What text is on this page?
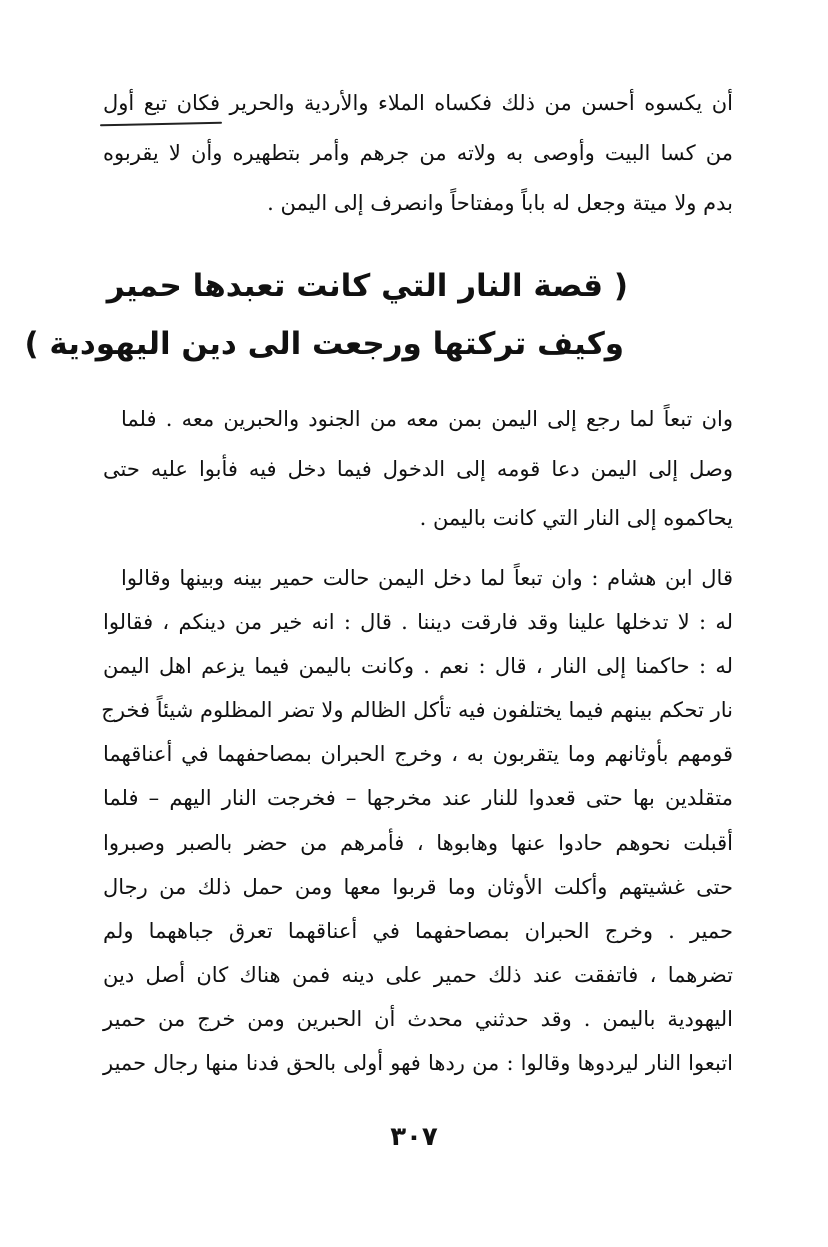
أن يكسوه أحسن من ذلك فكساه الملاء والأردية والحرير فكان تبع أول

من كسا البيت وأوصى به ولاته من جرهم وأمر بتطهيره وأن لا يقربوه

بدم ولا ميتة وجعل له باباً ومفتاحاً وانصرف إلى اليمن .

( قصة النار التي كانت تعبدها حمير
وكيف تركتها ورجعت الى دين اليهودية )

وان تبعاً لما رجع إلى اليمن بمن معه من الجنود والحبرين معه . فلما

وصل إلى اليمن دعا قومه إلى الدخول فيما دخل فيه فأبوا عليه حتى

يحاكموه إلى النار التي كانت باليمن .

قال ابن هشام : وان تبعاً لما دخل اليمن حالت حمير بينه وبينها وقالوا

له : لا تدخلها علينا وقد فارقت ديننا . قال : انه خير من دينكم ، فقالوا

له : حاكمنا إلى النار ، قال : نعم . وكانت باليمن فيما يزعم اهل اليمن

نار تحكم بينهم فيما يختلفون فيه تأكل الظالم ولا تضر المظلوم شيئاً فخرج

قومهم بأوثانهم وما يتقربون به ، وخرج الحبران بمصاحفهما في أعناقهما

متقلدين بها حتى قعدوا للنار عند مخرجها – فخرجت النار اليهم – فلما

أقبلت نحوهم حادوا عنها وهابوها ، فأمرهم من حضر بالصبر وصبروا

حتى غشيتهم وأكلت الأوثان وما قربوا معها ومن حمل ذلك من رجال

حمير . وخرج الحبران بمصاحفهما في أعناقهما تعرق جباههما ولم

تضرهما ، فاتفقت عند ذلك حمير على دينه فمن هناك كان أصل دين

اليهودية باليمن . وقد حدثني محدث أن الحبرين ومن خرج من حمير

اتبعوا النار ليردوها وقالوا : من ردها فهو أولى بالحق فدنا منها رجال حمير

٣٠٧
